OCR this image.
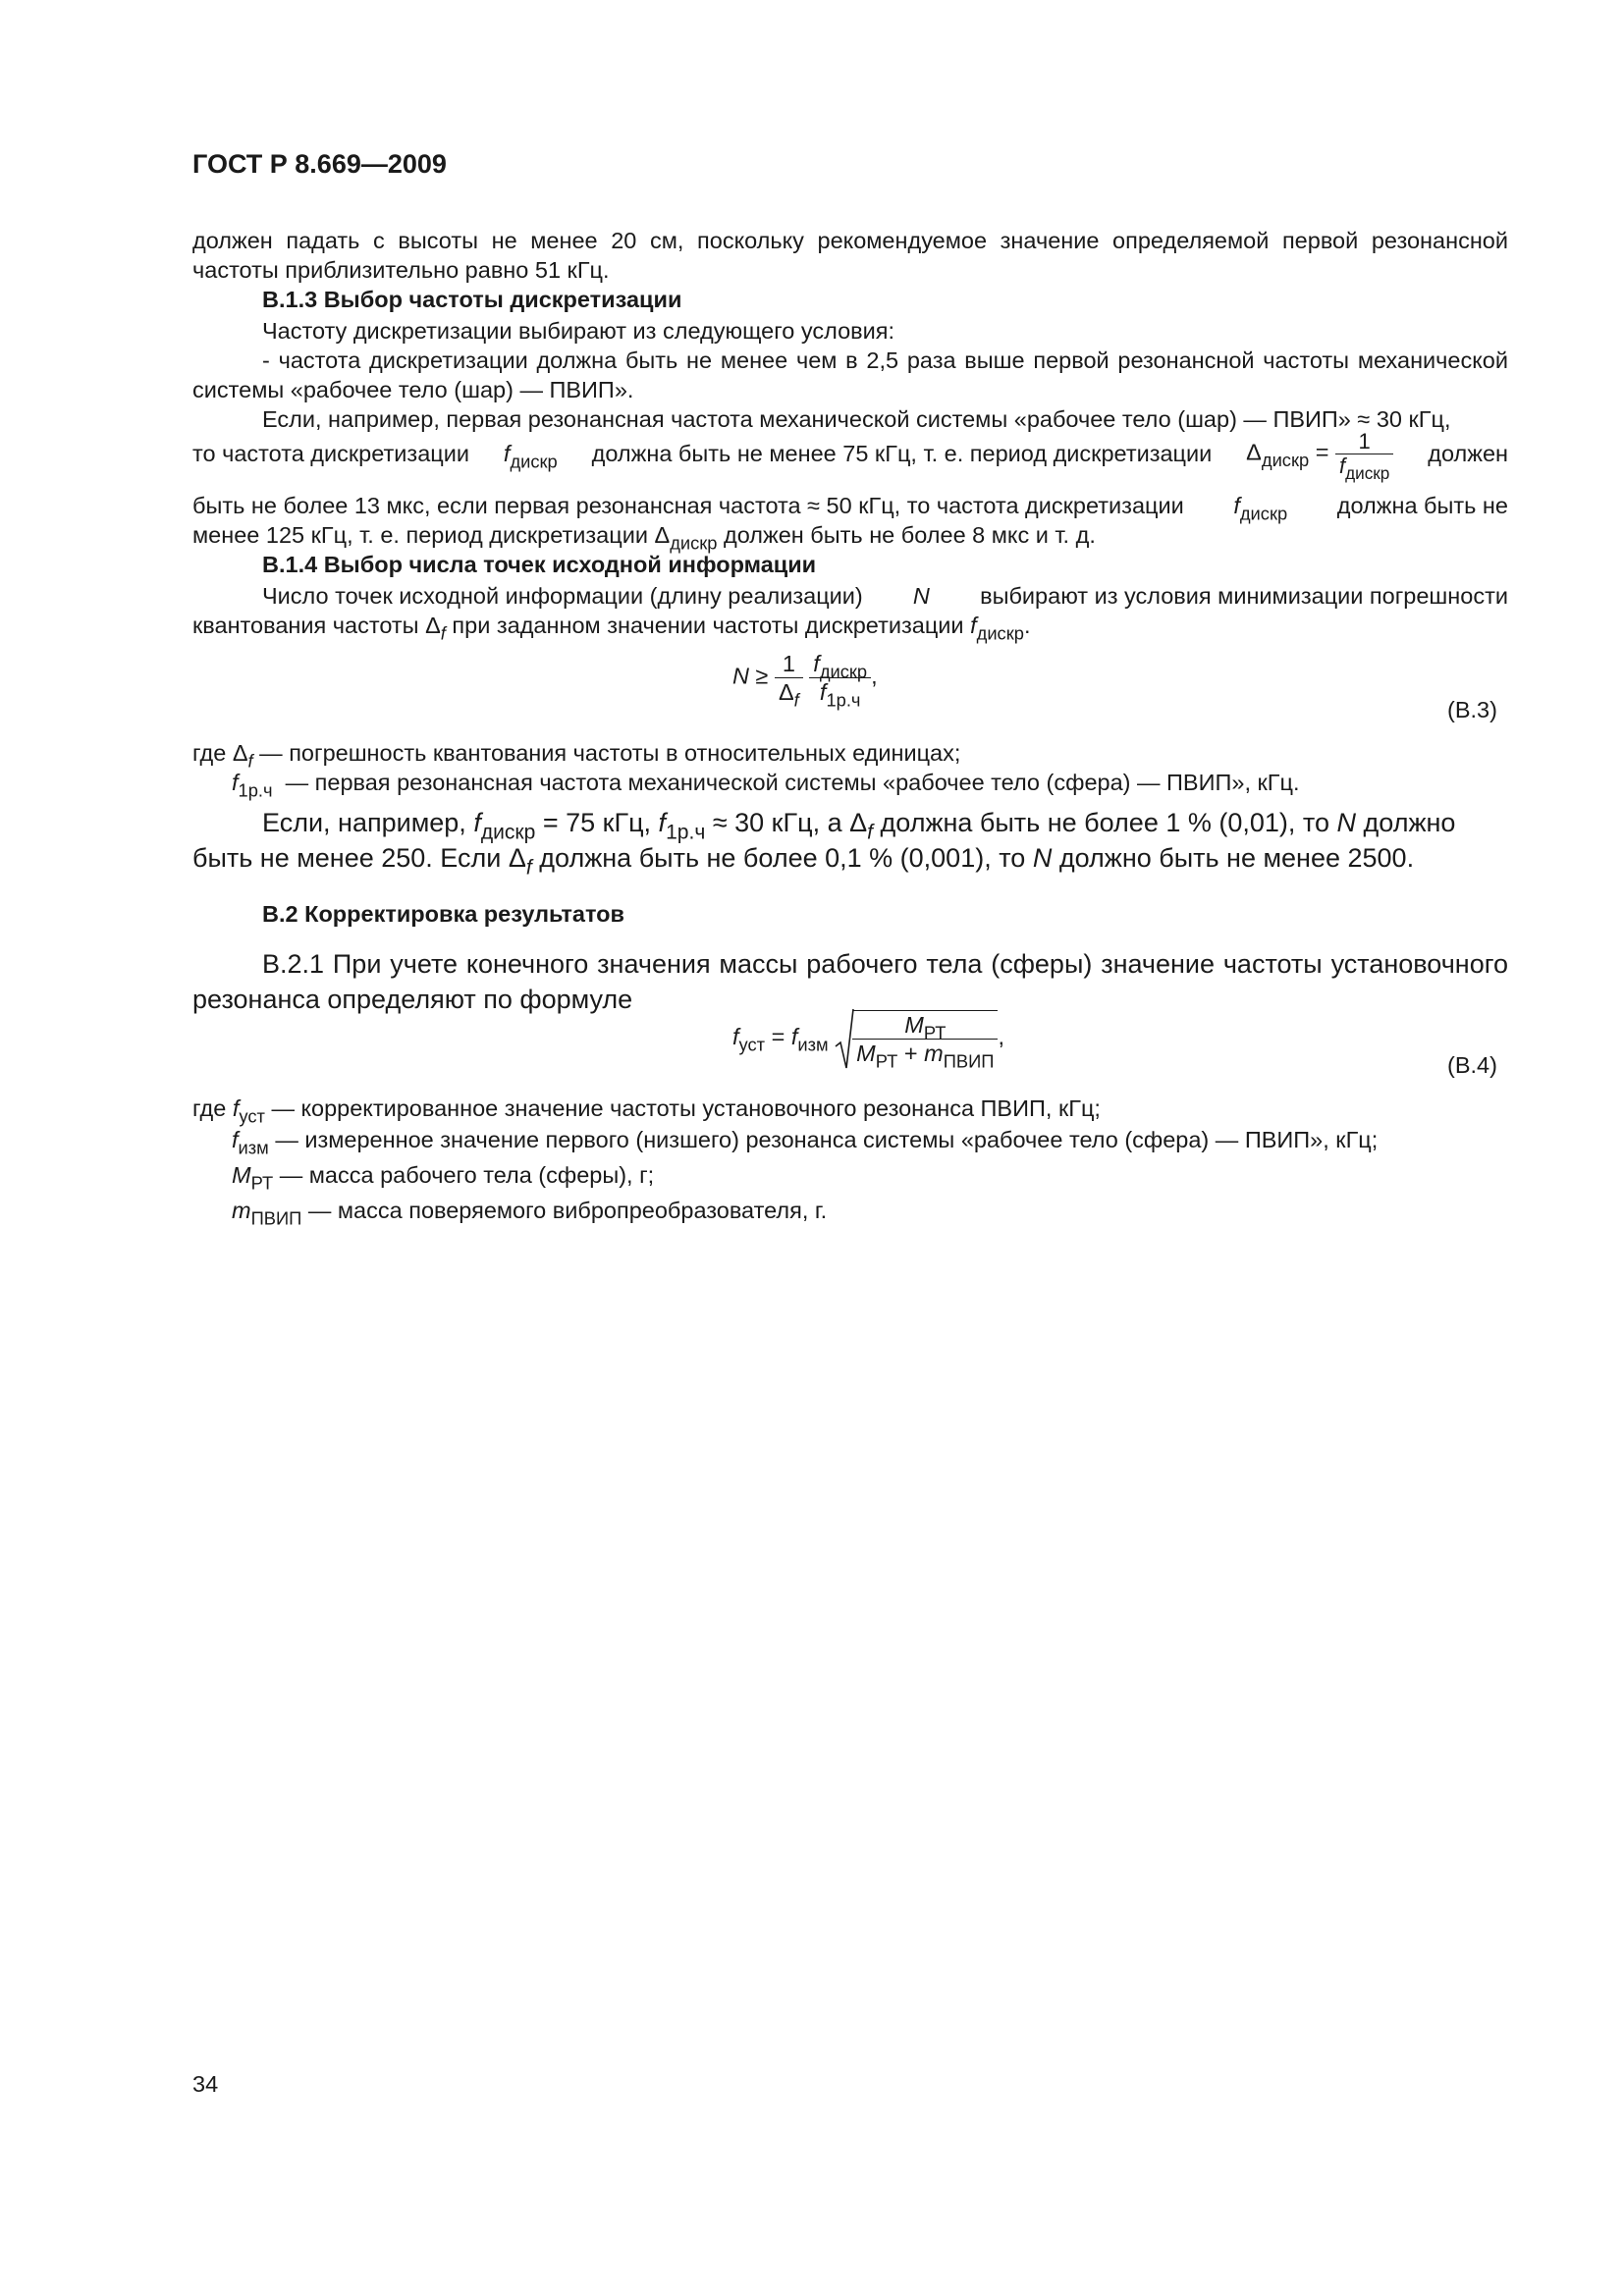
ГОСТ Р 8.669—2009

должен падать с высоты не менее 20 см, поскольку рекомендуемое значение определяемой первой резонансной частоты приблизительно равно 51 кГц.

В.1.3 Выбор частоты дискретизации

Частоту дискретизации выбирают из следующего условия:

- частота дискретизации должна быть не менее чем в 2,5 раза выше первой резонансной частоты механической системы «рабочее тело (шар) — ПВИП».

Если, например, первая резонансная частота механической системы «рабочее тело (шар) — ПВИП» ≈ 30 кГц,

то частота дискретизации $f_{дискр}$ должна быть не менее 75 кГц, т. е. период дискретизации $\Delta_{дискр} = \frac{1}{f_{дискр}}$ должен
быть не более 13 мкс, если первая резонансная частота ≈ 50 кГц, то частота дискретизации $f_{дискр}$ должна быть не
менее 125 кГц, т. е. период дискретизации $\Delta_{дискр}$ должен быть не более 8 мкс и т. д.
В.1.4 Выбор числа точек исходной информации
Число точек исходной информации (длину реализации) N выбирают из условия минимизации погрешности
квантования частоты $\Delta_f$ при заданном значении частоты дискретизации $f_{дискр}$.
$N \ge \frac{1}{\Delta_f}$
$\frac{f_{дискр}}{f_{1р.ч}}$ ,
(В.3)
где $\Delta_f$ — погрешность квантования частоты в относительных единицах;
$f_{1р.ч}$ — первая резонансная частота механической системы «рабочее тело (сфера) — ПВИП», кГц.
Если, например, $f_{дискр} = 75$ кГц, $f_{1р.ч} \approx 30$ кГц, а $\Delta_f$ должна быть не более 1 % (0,01), то N должно быть не менее 250. Если $\Delta_f$ должна быть не более 0,1 % (0,001), то N должно быть не менее 2500.
В.2 Корректировка результатов

В.2.1 При учете конечного значения массы рабочего тела (сферы) значение частоты установочного резонанса определяют по формуле

$f_{уст} = f_{изм} \frac{M_{РТ}}{M_{РТ} + m_{ПВИП}}$ ,
(В.4)
где $f_{уст}$ — корректированное значение частоты установочного резонанса ПВИП, кГц;
$f_{изм}$ — измеренное значение первого (низшего) резонанса системы «рабочее тело (сфера) — ПВИП», кГц;
$M_{РТ}$ — масса рабочего тела (сферы), г;
$m_{ПВИП}$ — масса поверяемого вибропреобразователя, г.
34
